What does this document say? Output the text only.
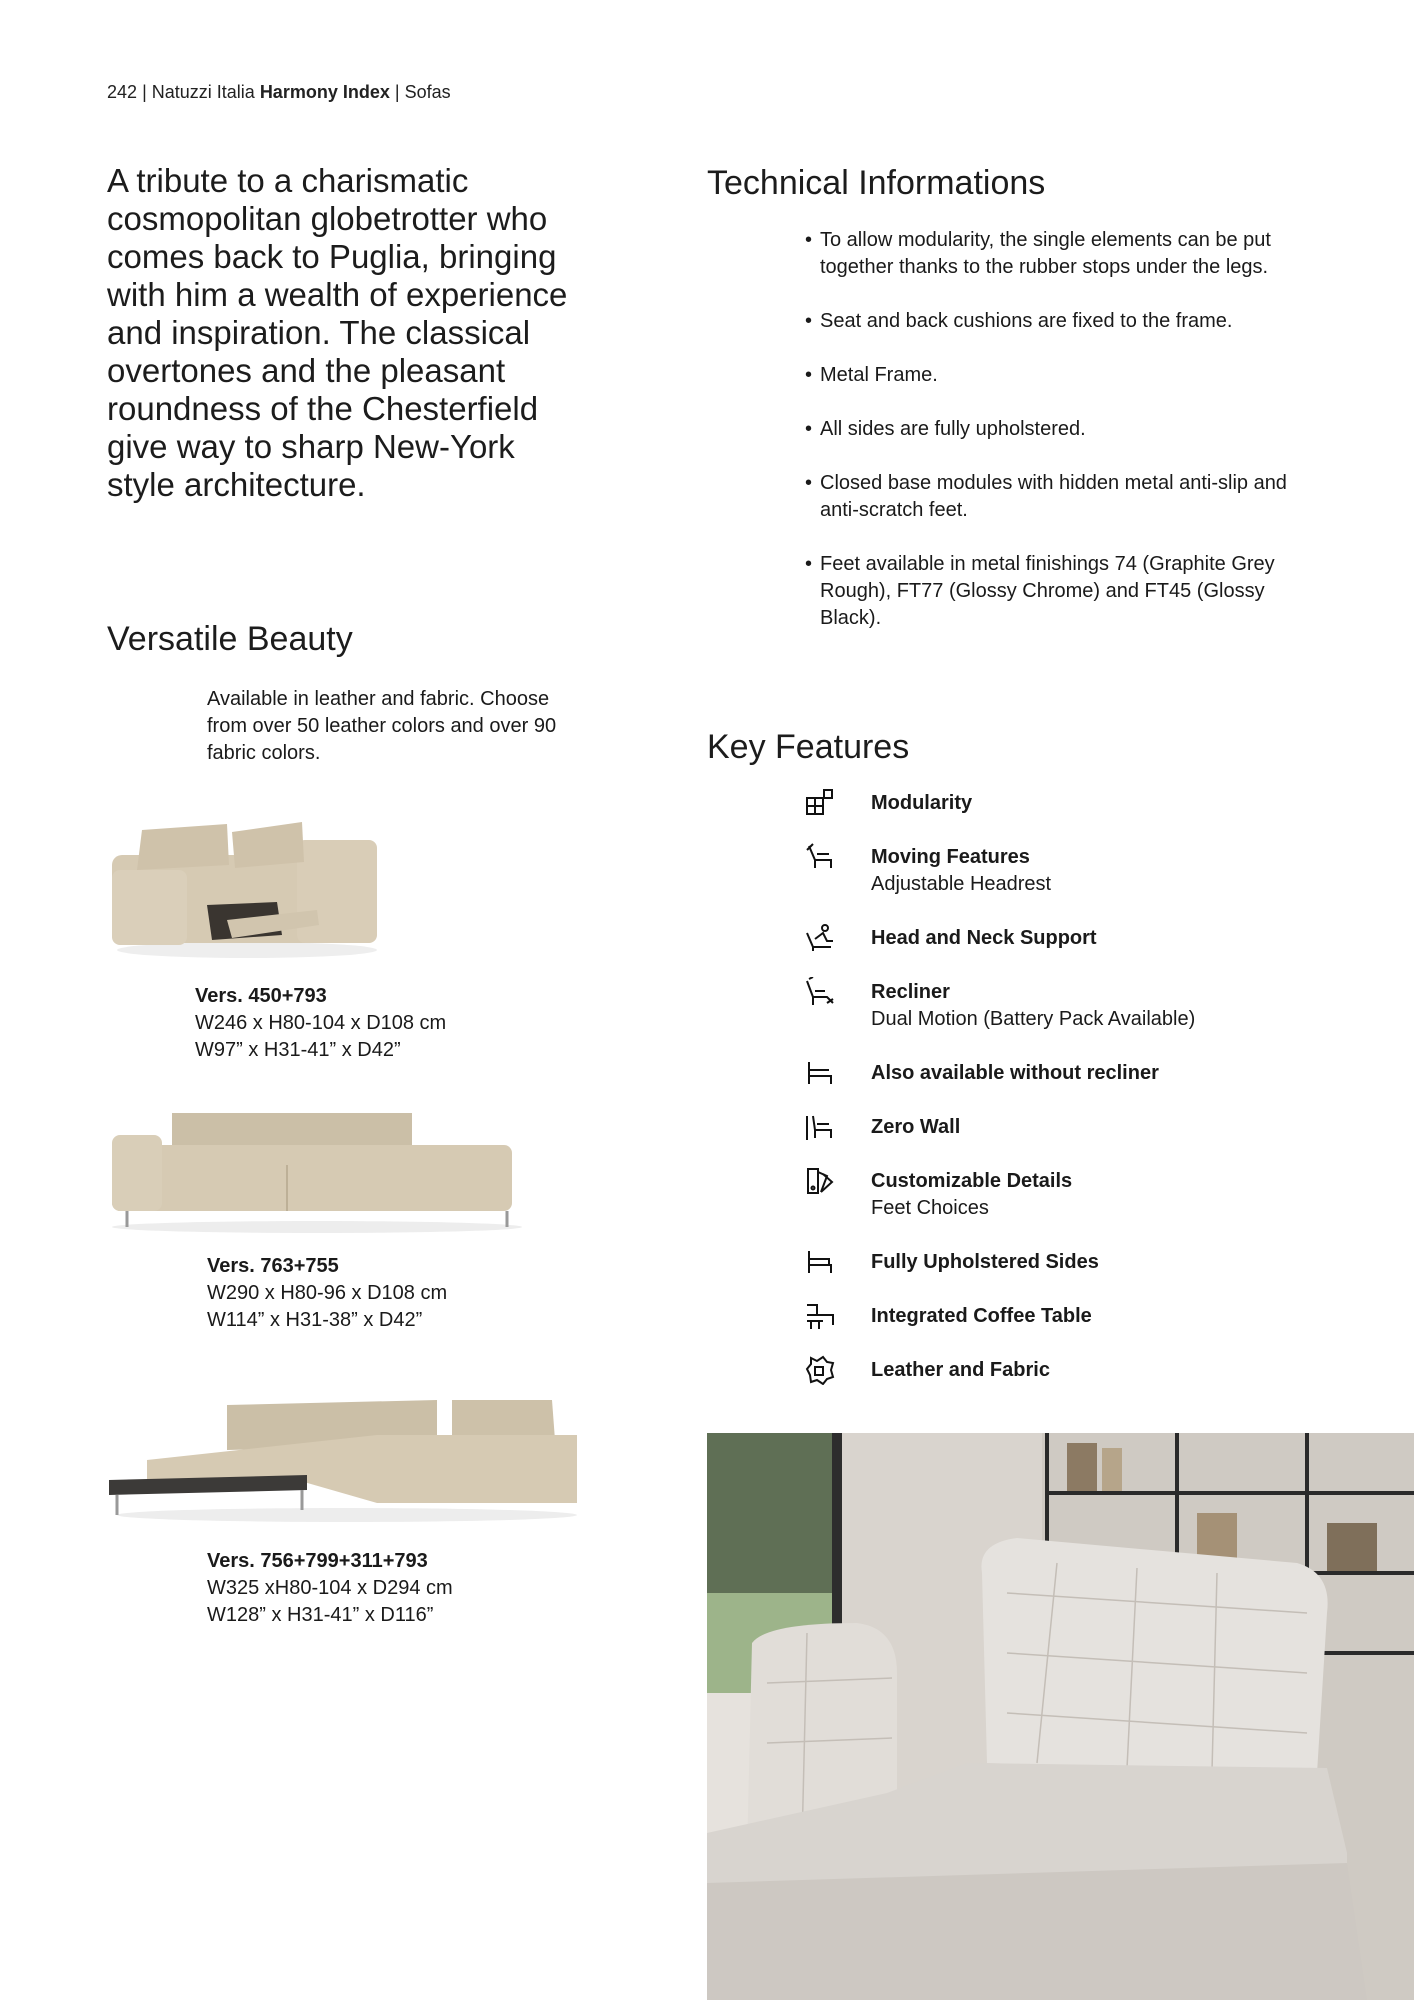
242 | Natuzzi Italia Harmony Index | Sofas
A tribute to a charismatic cosmopolitan globetrotter who comes back to Puglia, bringing with him a wealth of experience and inspiration. The classical overtones and the pleasant roundness of the Chesterfield give way to sharp New-York style architecture.
Versatile Beauty
Available in leather and fabric. Choose from over 50 leather colors and over 90 fabric colors.
Vers. 450+793
W246 x H80-104 x D108 cm
W97” x H31-41” x D42”
Vers. 763+755
W290 x H80-96 x D108 cm
W114” x H31-38” x D42”
Vers. 756+799+311+793
W325 xH80-104 x D294 cm
W128” x H31-41” x D116”
Technical Informations
• To allow modularity, the single elements can be put together thanks to the rubber stops under the legs.
• Seat and back cushions are fixed to the frame.
• Metal Frame.
• All sides are fully upholstered.
• Closed base modules with hidden metal anti-slip and anti-scratch feet.
• Feet available in metal finishings 74 (Graphite Grey Rough), FT77 (Glossy Chrome) and FT45 (Glossy Black).
Key Features
Modularity
Moving Features
Adjustable Headrest
Head and Neck Support
Recliner
Dual Motion (Battery Pack Available)
Also available without recliner
Zero Wall
Customizable Details
Feet Choices
Fully Upholstered Sides
Integrated Coffee Table
Leather and Fabric
